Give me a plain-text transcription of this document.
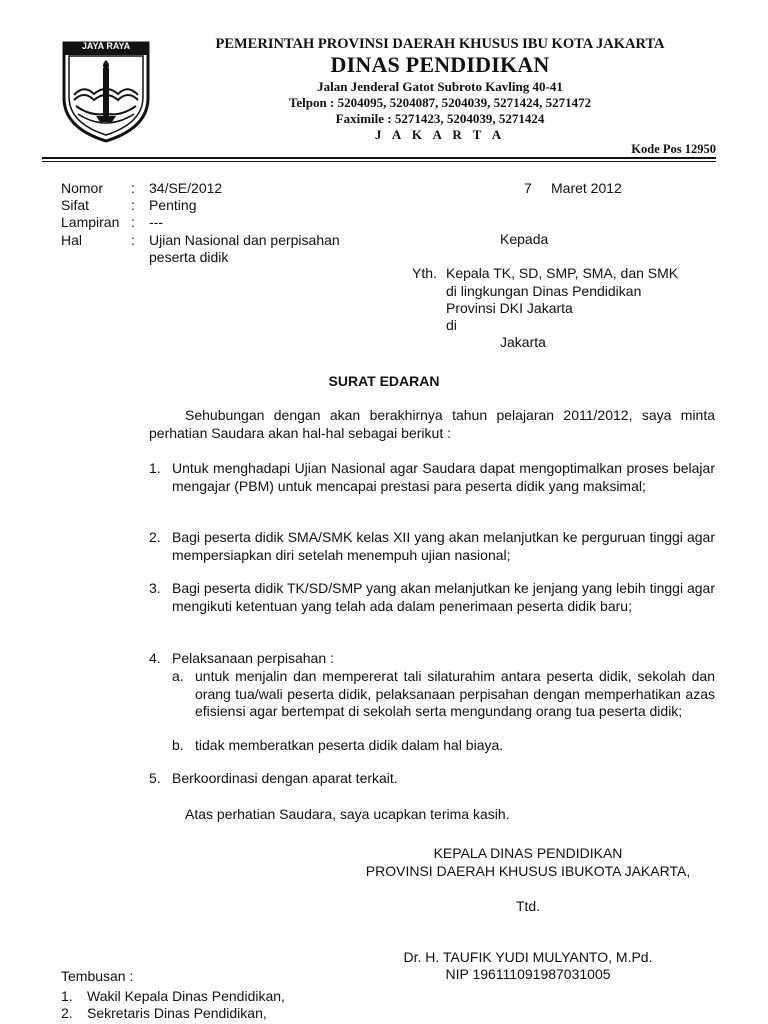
JAYA RAYA	PEMERINTAH PROVINSI DAERAH KHUSUS IBU KOTA JAKARTA
DINAS PENDIDIKAN
Jalan Jenderal Gatot Subroto Kavling 40-41
Telpon : 5204095, 5204087, 5204039, 5271424, 5271472
Faximile : 5271423, 5204039, 5271424
J A K A R T A
Kode Pos 12950
Nomor : 34/SE/2012
Sifat	: Penting
Lampiran : ---
Hal	: Ujian Nasional dan perpisahan
peserta didik
7 Maret 2012
Kepada
Yth. Kepala TK, SD, SMP, SMA, dan SMK
di lingkungan Dinas Pendidikan
Provinsi DKI Jakarta
di
Jakarta
SURAT EDARAN
Sehubungan dengan akan berakhirnya tahun pelajaran 2011/2012, saya minta perhatian Saudara akan hal-hal sebagai berikut :
1. Untuk menghadapi Ujian Nasional agar Saudara dapat mengoptimalkan proses belajar mengajar (PBM) untuk mencapai prestasi para peserta didik yang maksimal;
2. Bagi peserta didik SMA/SMK kelas XII yang akan melanjutkan ke perguruan tinggi agar mempersiapkan diri setelah menempuh ujian nasional;
3. Bagi peserta didik TK/SD/SMP yang akan melanjutkan ke jenjang yang lebih tinggi agar mengikuti ketentuan yang telah ada dalam penerimaan peserta didik baru;
4. Pelaksanaan perpisahan :
a. untuk menjalin dan mempererat tali silaturahim antara peserta didik, sekolah dan orang tua/wali peserta didik, pelaksanaan perpisahan dengan memperhatikan azas efisiensi agar bertempat di sekolah serta mengundang orang tua peserta didik;
b. tidak memberatkan peserta didik dalam hal biaya.
5. Berkoordinasi dengan aparat terkait.
Atas perhatian Saudara, saya ucapkan terima kasih.
KEPALA DINAS PENDIDIKAN
PROVINSI DAERAH KHUSUS IBUKOTA JAKARTA,
Ttd.
Dr. H. TAUFIK YUDI MULYANTO, M.Pd.
NIP 196111091987031005
Tembusan :
1. Wakil Kepala Dinas Pendidikan,
2. Sekretaris Dinas Pendidikan,
